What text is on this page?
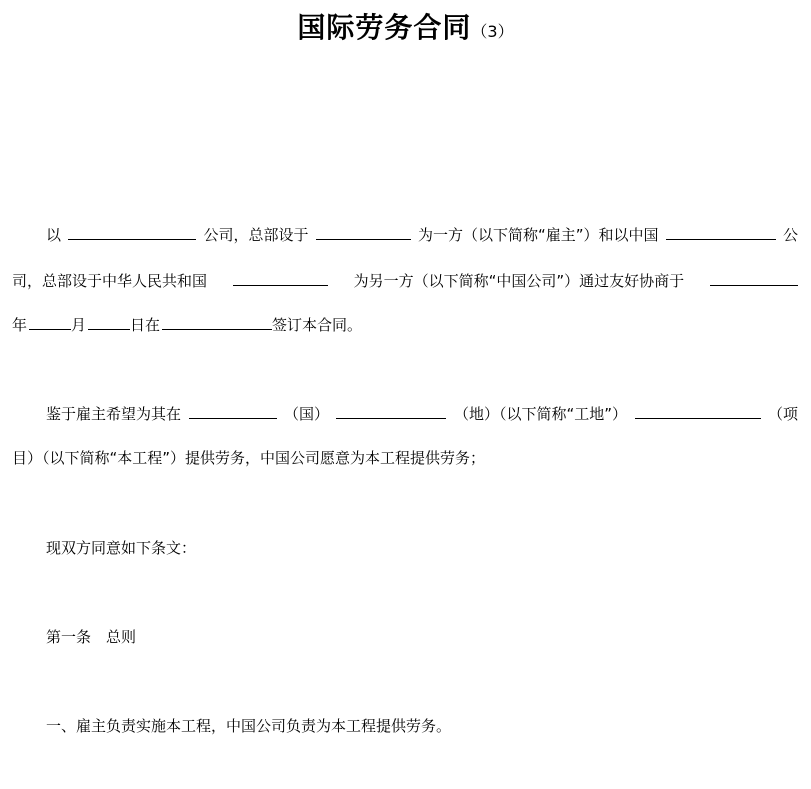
国际劳务合同（3）
以	公司，总部设于	为一方（以下简称“雇主”）和以中国	公
司，总部设于中华人民共和国	为另一方（以下简称“中国公司”）通过友好协商于
年	月	日在	签订本合同。
鉴于雇主希望为其在	（国）	（地）（以下简称“工地”）	（项
目）（以下简称“本工程”）提供劳务，中国公司愿意为本工程提供劳务；
现双方同意如下条文：
第一条　总则
一、雇主负责实施本工程，中国公司负责为本工程提供劳务。
